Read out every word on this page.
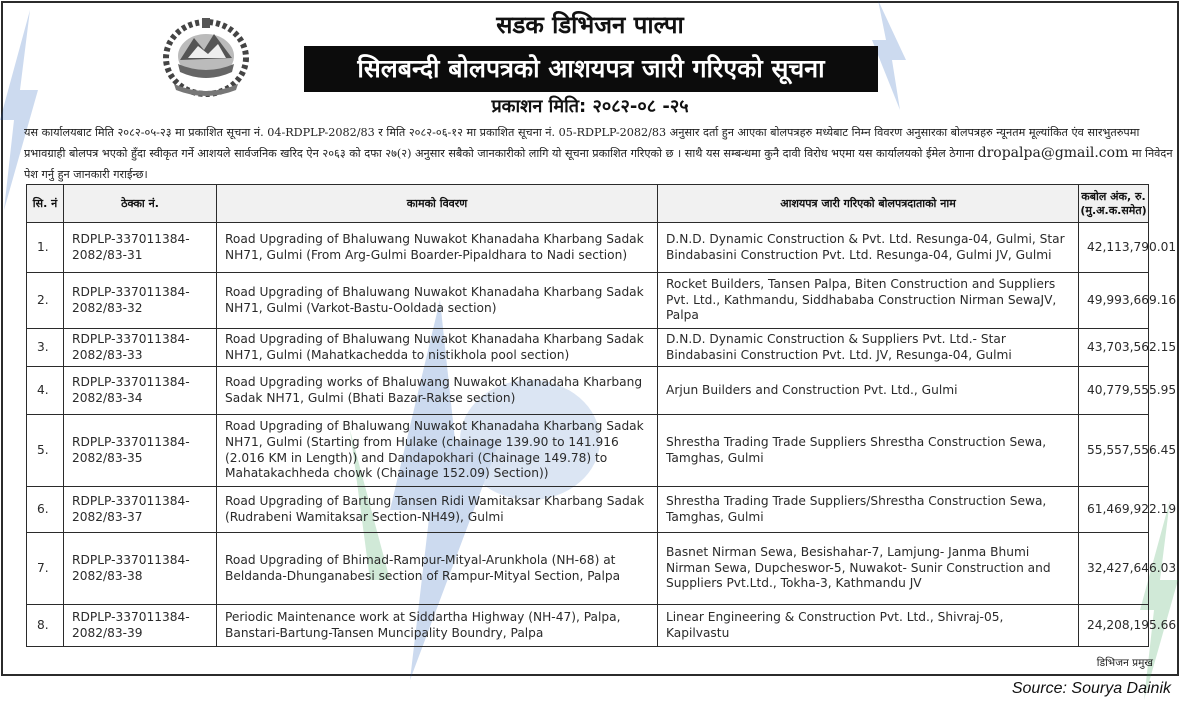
सडक डिभिजन पाल्पा
सिलबन्दी बोलपत्रको आशयपत्र जारी गरिएको सूचना
प्रकाशन मिति: २०८२-०८ -२५
यस कार्यालयबाट मिति २०८२-०५-२३ मा प्रकाशित सूचना नं. 04-RDPLP-2082/83 र मिति २०८२-०६-१२ मा प्रकाशित सूचना नं. 05-RDPLP-2082/83 अनुसार दर्ता हुन आएका बोलपत्रहरु मध्येबाट निम्न विवरण अनुसारका बोलपत्रहरु न्यूनतम मूल्यांकित एंव सारभुतरुपमा प्रभावग्राही बोलपत्र भएको हुँदा स्वीकृत गर्ने आशयले सार्वजनिक खरिद ऐन २०६३ को दफा २७(२) अनुसार सबैको जानकारीको लागि यो सूचना प्रकाशित गरिएको छ । साथै यस सम्बन्धमा कुनै दावी विरोध भएमा यस कार्यालयको ईमेल ठेगाना dropalpa@gmail.com मा निवेदन पेश गर्नु हुन जानकारी गराईन्छ।
सि. नं	ठेक्का नं.	कामको विवरण	आशयपत्र जारी गरिएको बोलपत्रदाताको नाम	कबोल अंक, रु.
(मु.अ.क.समेत)

1.	RDPLP-337011384-2082/83-31	Road Upgrading of Bhaluwang Nuwakot Khanadaha Kharbang Sadak NH71, Gulmi (From Arg-Gulmi Boarder-Pipaldhara to Nadi section)	D.N.D. Dynamic Construction & Pvt. Ltd. Resunga-04, Gulmi, Star Bindabasini Construction Pvt. Ltd. Resunga-04, Gulmi JV, Gulmi	42,113,790.01
2.	RDPLP-337011384-2082/83-32	Road Upgrading of Bhaluwang Nuwakot Khanadaha Kharbang Sadak NH71, Gulmi (Varkot-Bastu-Ooldada section)	Rocket Builders, Tansen Palpa, Biten Construction and Suppliers Pvt. Ltd., Kathmandu, Siddhababa Construction Nirman SewaJV, Palpa	49,993,669.16
3.	RDPLP-337011384-2082/83-33	Road Upgrading of Bhaluwang Nuwakot Khanadaha Kharbang Sadak NH71, Gulmi (Mahatkachedda to nistikhola pool section)	D.N.D. Dynamic Construction & Suppliers Pvt. Ltd.- Star Bindabasini Construction Pvt. Ltd. JV, Resunga-04, Gulmi	43,703,562.15
4.	RDPLP-337011384-2082/83-34	Road Upgrading works of Bhaluwang Nuwakot Khanadaha Kharbang Sadak NH71, Gulmi (Bhati Bazar-Rakse section)	Arjun Builders and Construction Pvt. Ltd., Gulmi	40,779,555.95
5.	RDPLP-337011384-2082/83-35	Road Upgrading of Bhaluwang Nuwakot Khanadaha Kharbang Sadak NH71, Gulmi (Starting from Hulake (chainage 139.90 to 141.916 (2.016 KM in Length)) and Dandapokhari (Chainage 149.78) to Mahatakachheda chowk (Chainage 152.09) Section))	Shrestha Trading Trade Suppliers Shrestha Construction Sewa, Tamghas, Gulmi	55,557,556.45
6.	RDPLP-337011384-2082/83-37	Road Upgrading of Bartung Tansen Ridi Wamitaksar Kharbang Sadak (Rudrabeni Wamitaksar Section-NH49), Gulmi	Shrestha Trading Trade Suppliers/Shrestha Construction Sewa, Tamghas, Gulmi	61,469,922.19
7.	RDPLP-337011384-2082/83-38	Road Upgrading of Bhimad-Rampur-Mityal-Arunkhola (NH-68) at Beldanda-Dhunganabesi section of Rampur-Mityal Section, Palpa	Basnet Nirman Sewa, Besishahar-7, Lamjung- Janma Bhumi Nirman Sewa, Dupcheswor-5, Nuwakot- Sunir Construction and Suppliers Pvt.Ltd., Tokha-3, Kathmandu JV	32,427,646.03
8.	RDPLP-337011384-2082/83-39	Periodic Maintenance work at Siddartha Highway (NH-47), Palpa, Banstari-Bartung-Tansen Muncipality Boundry, Palpa	Linear Engineering & Construction Pvt. Ltd., Shivraj-05, Kapilvastu	24,208,195.66
डिभिजन प्रमुख
Source: Sourya Dainik
